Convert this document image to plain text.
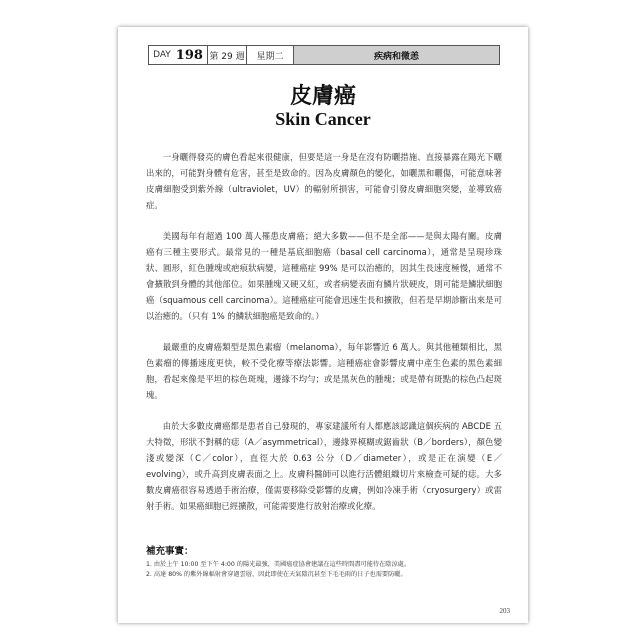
DAY 198 第 29 週	星期二	疾病和微恙
皮膚癌
Skin Cancer

一身曬得發亮的膚色看起來很健康，但要是這一身是在沒有防曬措施、直接暴露在陽光下曬出來的，可能對身體有危害，甚至是致命的。因為皮膚顏色的變化，如曬黑和曬傷，可能意味著皮膚細胞受到紫外線（ultraviolet，UV）的輻射所損害，可能會引發皮膚細胞突變，並導致癌症。

美國每年有超過 100 萬人罹患皮膚癌；絕大多數——但不是全部——是與太陽有關。皮膚癌有三種主要形式。最常見的一種是基底細胞癌（basal cell carcinoma），通常是呈現珍珠狀、圓形，紅色腫塊或疤痕狀病變，這種癌症 99% 是可以治癒的，因其生長速度極慢，通常不會擴散到身體的其他部位。如果腫塊又硬又紅，或者病變表面有鱗片狀硬皮，則可能是鱗狀細胞癌（squamous cell carcinoma）。這種癌症可能會迅速生長和擴散，但若是早期診斷出來是可以治癒的。（只有 1% 的鱗狀細胞癌是致命的。）

最嚴重的皮膚癌類型是黑色素瘤（melanoma），每年影響近 6 萬人。與其他種類相比，黑色素瘤的傳播速度更快，較不受化療等療法影響。這種癌症會影響皮膚中產生色素的黑色素細胞，看起來像是平坦的棕色斑塊，邊緣不均勻；或是黑灰色的腫塊；或是帶有斑點的棕色凸起斑塊。

由於大多數皮膚癌都是患者自己發現的，專家建議所有人都應該認識這個疾病的 ABCDE 五大特徵，形狀不對稱的痣（A／asymmetrical），邊緣界模糊或鋸齒狀（B／borders），顏色變淺或變深（C／color），直徑大於 0.63 公分（D／diameter），或是正在演變（E／evolving），或升高到皮膚表面之上。皮膚科醫師可以進行活體組織切片來檢查可疑的痣。大多數皮膚癌很容易透過手術治療，僅需要移除受影響的皮膚，例如冷凍手術（cryosurgery）或雷射手術。如果癌細胞已經擴散，可能需要進行放射治療或化療。

補充事實：
1. 由於上午 10:00 至下午 4:00 的陽光最強，美國癌症協會建議在這些時間盡可能待在陰涼處。
2. 高達 80% 的紫外線輻射會穿過雲層，因此即使在天氣陰沉甚至下毛毛雨的日子也需要防曬。
203
